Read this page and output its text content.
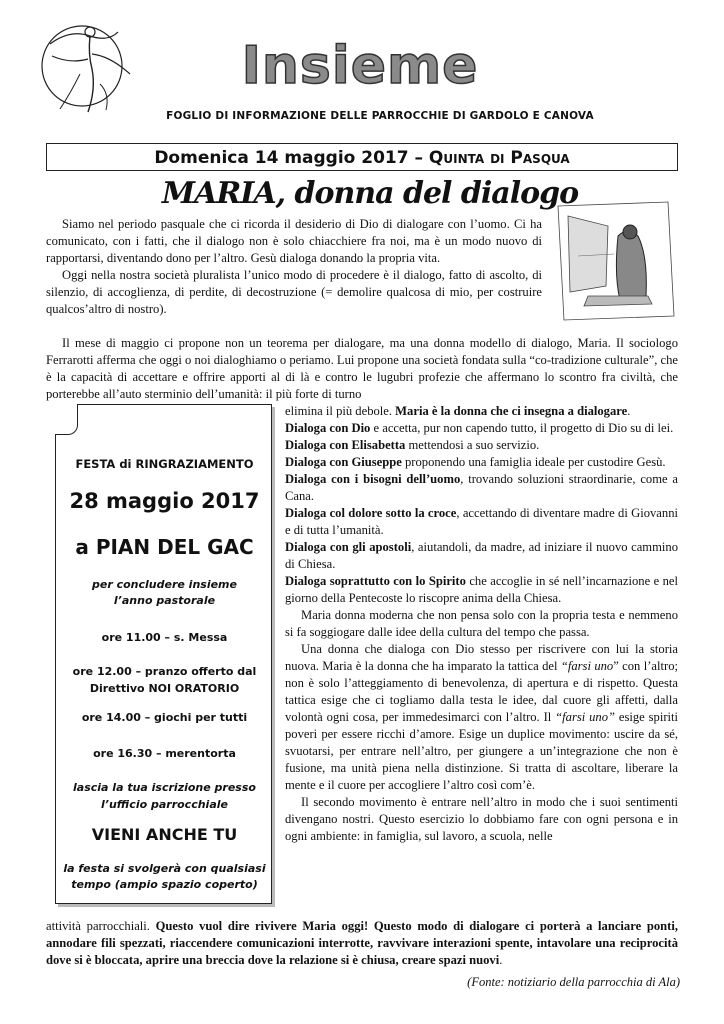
Insieme
FOGLIO DI INFORMAZIONE DELLE PARROCCHIE DI GARDOLO E CANOVA
Domenica 14 maggio 2017 – Quinta di Pasqua
MARIA, donna del dialogo

Siamo nel periodo pasquale che ci ricorda il desiderio di Dio di dialogare con l’uomo. Ci ha comunicato, con i fatti, che il dialogo non è solo chiacchiere fra noi, ma è un modo nuovo di rapportarsi, diventando dono per l’altro. Gesù dialoga donando la propria vita.

Oggi nella nostra società pluralista l’unico modo di procedere è il dialogo, fatto di ascolto, di silenzio, di accoglienza, di perdite, di decostruzione (= demolire qualcosa di mio, per costruire qualcos’altro di nostro).

Il mese di maggio ci propone non un teorema per dialogare, ma una donna modello di dialogo, Maria. Il sociologo Ferrarotti afferma che oggi o noi dialoghiamo o periamo. Lui propone una società fondata sulla “co-tradizione culturale”, che è la capacità di accettare e offrire apporti al di là e contro le lugubri profezie che affermano lo scontro fra civiltà, che porterebbe all’auto sterminio dell’umanità: il più forte di turno

elimina il più debole. Maria è la donna che ci insegna a dialogare.

Dialoga con Dio e accetta, pur non capendo tutto, il progetto di Dio su di lei.

Dialoga con Elisabetta mettendosi a suo servizio.

Dialoga con Giuseppe proponendo una famiglia ideale per custodire Gesù.

Dialoga con i bisogni dell’uomo, trovando soluzioni straordinarie, come a Cana.

Dialoga col dolore sotto la croce, accettando di diventare madre di Giovanni e di tutta l’umanità.

Dialoga con gli apostoli, aiutandoli, da madre, ad iniziare il nuovo cammino di Chiesa.

Dialoga soprattutto con lo Spirito che accoglie in sé nell’incarnazione e nel giorno della Pentecoste lo riscopre anima della Chiesa.

Maria donna moderna che non pensa solo con la propria testa e nemmeno si fa soggiogare dalle idee della cultura del tempo che passa.

Una donna che dialoga con Dio stesso per riscrivere con lui la storia nuova. Maria è la donna che ha imparato la tattica del “farsi uno” con l’altro; non è solo l’atteggiamento di benevolenza, di apertura e di rispetto. Questa tattica esige che ci togliamo dalla testa le idee, dal cuore gli affetti, dalla volontà ogni cosa, per immedesimarci con l’altro. Il “farsi uno” esige spiriti poveri per essere ricchi d’amore. Esige un duplice movimento: uscire da sé, svuotarsi, per entrare nell’altro, per giungere a un’integrazione che non è fusione, ma unità piena nella distinzione. Si tratta di ascoltare, liberare la mente e il cuore per accogliere l’altro così com’è.

Il secondo movimento è entrare nell’altro in modo che i suoi sentimenti divengano nostri. Questo esercizio lo dobbiamo fare con ogni persona e in ogni ambiente: in famiglia, sul lavoro, a scuola, nelle

attività parrocchiali. Questo vuol dire rivivere Maria oggi! Questo modo di dialogare ci porterà a lanciare ponti, annodare fili spezzati, riaccendere comunicazioni interrotte, ravvivare interazioni spente, intavolare una reciprocità dove si è bloccata, aprire una breccia dove la relazione si è chiusa, creare spazi nuovi.

(Fonte: notiziario della parrocchia di Ala)
FESTA di RINGRAZIAMENTO
28 maggio 2017
a PIAN DEL GAC
per concludere insieme
l’anno pastorale
ore 11.00 – s. Messa
ore 12.00 – pranzo offerto dal
Direttivo NOI ORATORIO
ore 14.00 – giochi per tutti
ore 16.30 – merentorta
lascia la tua iscrizione presso
l’ufficio parrocchiale
VIENI ANCHE TU
la festa si svolgerà con qualsiasi
tempo (ampio spazio coperto)
